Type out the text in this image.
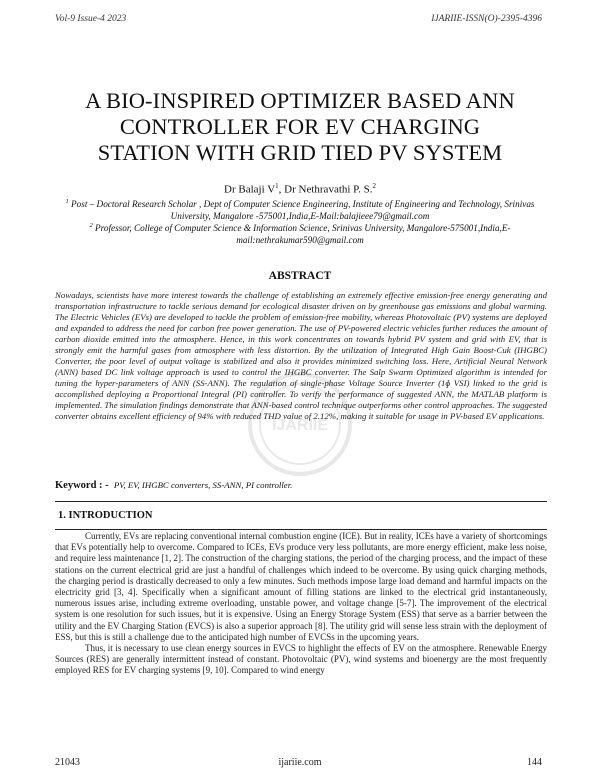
Vol-9 Issue-4 2023	IJARIIE-ISSN(O)-2395-4396
A BIO-INSPIRED OPTIMIZER BASED ANN
CONTROLLER FOR EV CHARGING
STATION WITH GRID TIED PV SYSTEM
Dr Balaji $V^1$, Dr Nethravathi P. S.$^2$
$^1$ Post – Doctoral Research Scholar , Dept of Computer Science Engineering, Institute of Engineering and Technology, Srinivas University, Mangalore -575001,India,E-Mail:balajieee79@gmail.com
$^2$ Professor, College of Computer Science & Information Science, Srinivas University, Mangalore-575001,India,E-mail:nethrakumar590@gmail.com
ABSTRACT
IJARIIE
Nowadays, scientists have more interest towards the challenge of establishing an extremely effective emission-free energy generating and transportation infrastructure to tackle serious demand for ecological disaster driven on by greenhouse gas emissions and global warming. The Electric Vehicles (EVs) are developed to tackle the problem of emission-free mobility, whereas Photovoltaic (PV) systems are deployed and expanded to address the need for carbon free power generation. The use of PV-powered electric vehicles further reduces the amount of carbon dioxide emitted into the atmosphere. Hence, in this work concentrates on towards hybrid PV system and grid with EV, that is strongly emit the harmful gases from atmosphere with less distortion. By the utilization of Integrated High Gain Boost-Cuk (IHGBC) Converter, the poor level of output voltage is stabilized and also it provides minimized switching loss. Here, Artificial Neural Network (ANN) based DC link voltage approach is used to control the IHGBC converter. The Salp Swarm Optimized algorithm is intended for tuning the hyper-parameters of ANN (SS-ANN). The regulation of single-phase Voltage Source Inverter (1ɸ VSI) linked to the grid is accomplished deploying a Proportional Integral (PI) controller. To verify the performance of suggested ANN, the MATLAB platform is implemented. The simulation findings demonstrate that ANN-based control technique outperforms other control approaches. The suggested converter obtains excellent efficiency of 94% with reduced THD value of 2.12%, making it suitable for usage in PV-based EV applications.
Keyword : - PV, EV, IHGBC converters, SS-ANN, PI controller.
1. INTRODUCTION

Currently, EVs are replacing conventional internal combustion engine (ICE). But in reality, ICEs have a variety of shortcomings that EVs potentially help to overcome. Compared to ICEs, EVs produce very less pollutants, are more energy efficient, make less noise, and require less maintenance [1, 2]. The construction of the charging stations, the period of the charging process, and the impact of these stations on the current electrical grid are just a handful of challenges which indeed to be overcome. By using quick charging methods, the charging period is drastically decreased to only a few minutes. Such methods impose large load demand and harmful impacts on the electricity grid [3, 4]. Specifically when a significant amount of filling stations are linked to the electrical grid instantaneously, numerous issues arise, including extreme overloading, unstable power, and voltage change [5-7]. The improvement of the electrical system is one resolution for such issues, but it is expensive. Using an Energy Storage System (ESS) that serve as a barrier between the utility and the EV Charging Station (EVCS) is also a superior approach [8]. The utility grid will sense less strain with the deployment of ESS, but this is still a challenge due to the anticipated high number of EVCSs in the upcoming years.

Thus, it is necessary to use clean energy sources in EVCS to highlight the effects of EV on the atmosphere. Renewable Energy Sources (RES) are generally intermittent instead of constant. Photovoltaic (PV), wind systems and bioenergy are the most frequently employed RES for EV charging systems [9, 10]. Compared to wind energy

21043	ijariie.com	144
